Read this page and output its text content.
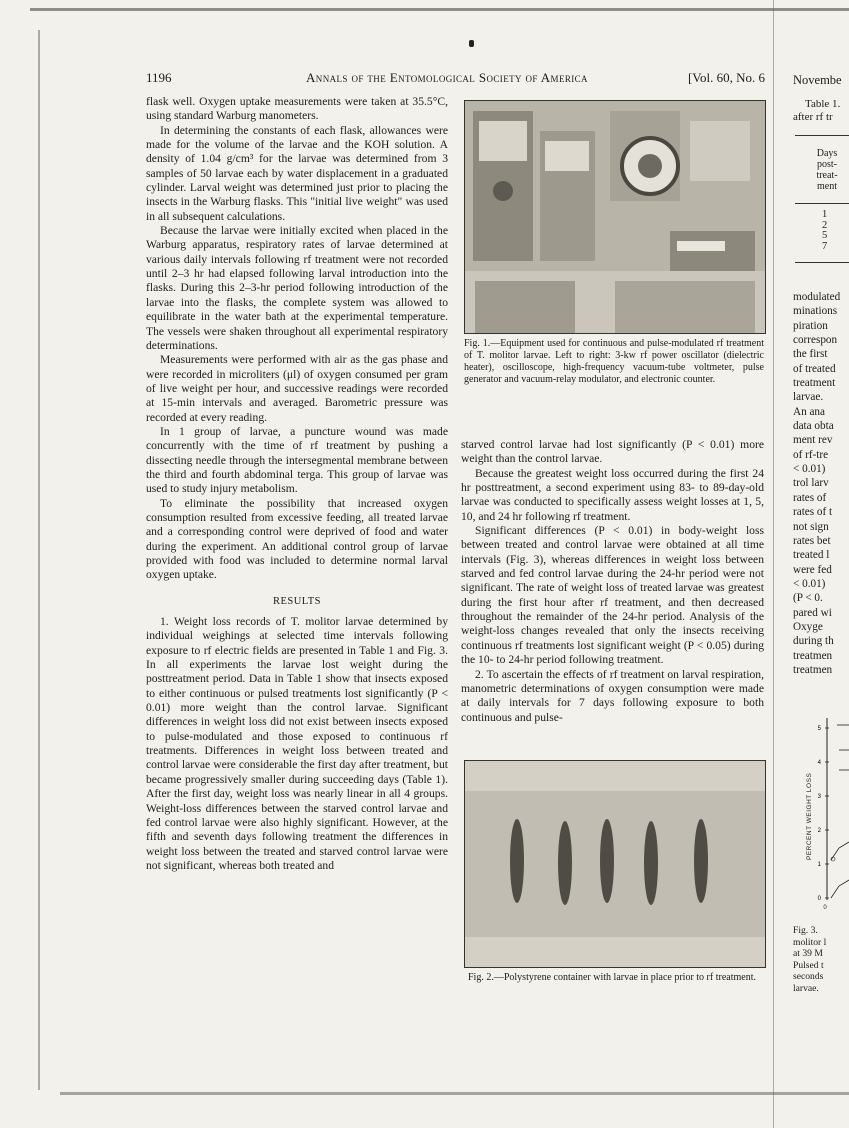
1196	Annals of the Entomological Society of America	[Vol. 60, No. 6

flask well. Oxygen uptake measurements were taken at 35.5°C, using standard Warburg manometers.

In determining the constants of each flask, allowances were made for the volume of the larvae and the KOH solution. A density of 1.04 g/cm³ for the larvae was determined from 3 samples of 50 larvae each by water displacement in a graduated cylinder. Larval weight was determined just prior to placing the insects in the Warburg flasks. This "initial live weight" was used in all subsequent calculations.

Because the larvae were initially excited when placed in the Warburg apparatus, respiratory rates of larvae determined at various daily intervals following rf treatment were not recorded until 2–3 hr had elapsed following larval introduction into the flasks. During this 2–3-hr period following introduction of the larvae into the flasks, the complete system was allowed to equilibrate in the water bath at the experimental temperature. The vessels were shaken throughout all experimental respiratory determinations.

Measurements were performed with air as the gas phase and were recorded in microliters (μl) of oxygen consumed per gram of live weight per hour, and successive readings were recorded at 15-min intervals and averaged. Barometric pressure was recorded at every reading.

In 1 group of larvae, a puncture wound was made concurrently with the time of rf treatment by pushing a dissecting needle through the intersegmental membrane between the third and fourth abdominal terga. This group of larvae was used to study injury metabolism.

To eliminate the possibility that increased oxygen consumption resulted from excessive feeding, all treated larvae and a corresponding control were deprived of food and water during the experiment. An additional control group of larvae provided with food was included to determine normal larval oxygen uptake.

RESULTS

1. Weight loss records of T. molitor larvae determined by individual weighings at selected time intervals following exposure to rf electric fields are presented in Table 1 and Fig. 3. In all experiments the larvae lost weight during the posttreatment period. Data in Table 1 show that insects exposed to either continuous or pulsed treatments lost significantly (P < 0.01) more weight than the control larvae. Significant differences in weight loss did not exist between insects exposed to pulse-modulated and those exposed to continuous rf treatments. Differences in weight loss between treated and control larvae were considerable the first day after treatment, but became progressively smaller during succeeding days (Table 1). After the first day, weight loss was nearly linear in all 4 groups. Weight-loss differences between the starved control larvae and fed control larvae were also highly significant. However, at the fifth and seventh days following treatment the differences in weight loss between the treated and starved control larvae were not significant, whereas both treated and

Fig. 1.—Equipment used for continuous and pulse-modulated rf treatment of T. molitor larvae. Left to right: 3-kw rf power oscillator (dielectric heater), oscilloscope, high-frequency vacuum-tube voltmeter, pulse generator and vacuum-relay modulator, and electronic counter.

starved control larvae had lost significantly (P < 0.01) more weight than the control larvae.

Because the greatest weight loss occurred during the first 24 hr posttreatment, a second experiment using 83- to 89-day-old larvae was conducted to specifically assess weight losses at 1, 5, 10, and 24 hr following rf treatment.

Significant differences (P < 0.01) in body-weight loss between treated and control larvae were obtained at all time intervals (Fig. 3), whereas differences in weight loss between starved and fed control larvae during the 24-hr period were not significant. The rate of weight loss of treated larvae was greatest during the first hour after rf treatment, and then decreased throughout the remainder of the 24-hr period. Analysis of the weight-loss changes revealed that only the insects receiving continuous rf treatments lost significant weight (P < 0.05) during the 10- to 24-hr period following treatment.

2. To ascertain the effects of rf treatment on larval respiration, manometric determinations of oxygen consumption were made at daily intervals for 7 days following exposure to both continuous and pulse-

Fig. 2.—Polystyrene container with larvae in place prior to rf treatment.
Novembe
Table 1.
after rf tr
Days
post-
treat-
ment
1
2
5
7
modulated
minations
piration
correspon
the first
of treated
treatment
larvae.
An ana
data obta
ment rev
of rf-tre
< 0.01)
trol larv
rates of
rates of t
not sign
rates bet
treated l
were fed
< 0.01)
(P < 0.
pared wi
Oxyge
during th
treatmen
treatmen
PERCENT WEIGHT LOSS
0
1
2
3
4
5
0
Fig. 3.
molitor l
at 39 M
Pulsed t
seconds
larvae.
